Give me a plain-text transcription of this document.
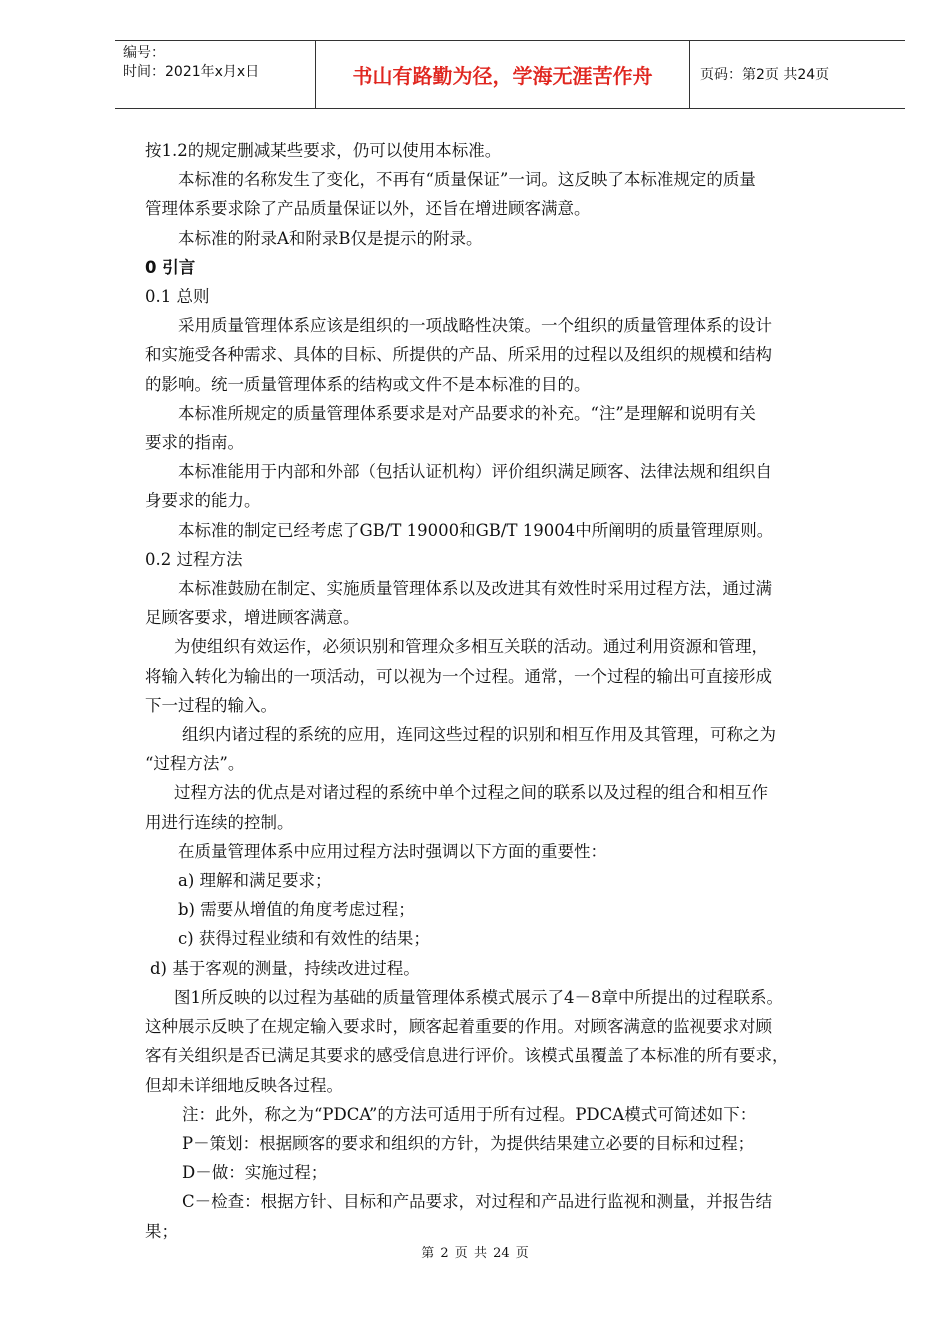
编号：
时间：2021年x月x日	书山有路勤为径，学海无涯苦作舟	页码：第2页 共24页

按1.2的规定删减某些要求，仍可以使用本标准。

本标准的名称发生了变化，不再有“质量保证”一词。这反映了本标准规定的质量

管理体系要求除了产品质量保证以外，还旨在增进顾客满意。

本标准的附录A和附录B仅是提示的附录。

0 引言

0.1 总则

采用质量管理体系应该是组织的一项战略性决策。一个组织的质量管理体系的设计

和实施受各种需求、具体的目标、所提供的产品、所采用的过程以及组织的规模和结构

的影响。统一质量管理体系的结构或文件不是本标准的目的。

本标准所规定的质量管理体系要求是对产品要求的补充。“注”是理解和说明有关

要求的指南。

本标准能用于内部和外部（包括认证机构）评价组织满足顾客、法律法规和组织自

身要求的能力。

本标准的制定已经考虑了GB/T 19000和GB/T 19004中所阐明的质量管理原则。

0.2 过程方法

本标准鼓励在制定、实施质量管理体系以及改进其有效性时采用过程方法，通过满

足顾客要求，增进顾客满意。

为使组织有效运作，必须识别和管理众多相互关联的活动。通过利用资源和管理，

将输入转化为输出的一项活动，可以视为一个过程。通常，一个过程的输出可直接形成

下一过程的输入。

组织内诸过程的系统的应用，连同这些过程的识别和相互作用及其管理，可称之为

“过程方法”。

过程方法的优点是对诸过程的系统中单个过程之间的联系以及过程的组合和相互作

用进行连续的控制。

在质量管理体系中应用过程方法时强调以下方面的重要性：

a) 理解和满足要求；

b) 需要从增值的角度考虑过程；

c) 获得过程业绩和有效性的结果；

d) 基于客观的测量，持续改进过程。

图1所反映的以过程为基础的质量管理体系模式展示了4－8章中所提出的过程联系。

这种展示反映了在规定输入要求时，顾客起着重要的作用。对顾客满意的监视要求对顾

客有关组织是否已满足其要求的感受信息进行评价。该模式虽覆盖了本标准的所有要求，

但却未详细地反映各过程。

注：此外，称之为“PDCA”的方法可适用于所有过程。PDCA模式可简述如下：

P－策划：根据顾客的要求和组织的方针，为提供结果建立必要的目标和过程；

D－做：实施过程；

C－检查：根据方针、目标和产品要求，对过程和产品进行监视和测量，并报告结

果；

第 2 页 共 24 页
